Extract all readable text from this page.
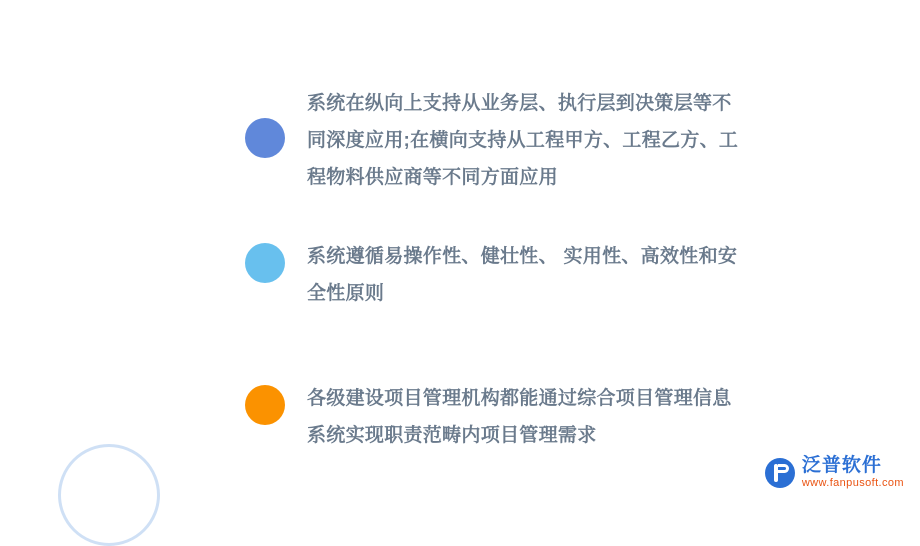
系统在纵向上支持从业务层、执行层到决策层等不同深度应用;在横向支持从工程甲方、工程乙方、工程物料供应商等不同方面应用
系统遵循易操作性、健壮性、 实用性、高效性和安全性原则
各级建设项目管理机构都能通过综合项目管理信息系统实现职责范畴内项目管理需求
泛普软件
www.fanpusoft.com
